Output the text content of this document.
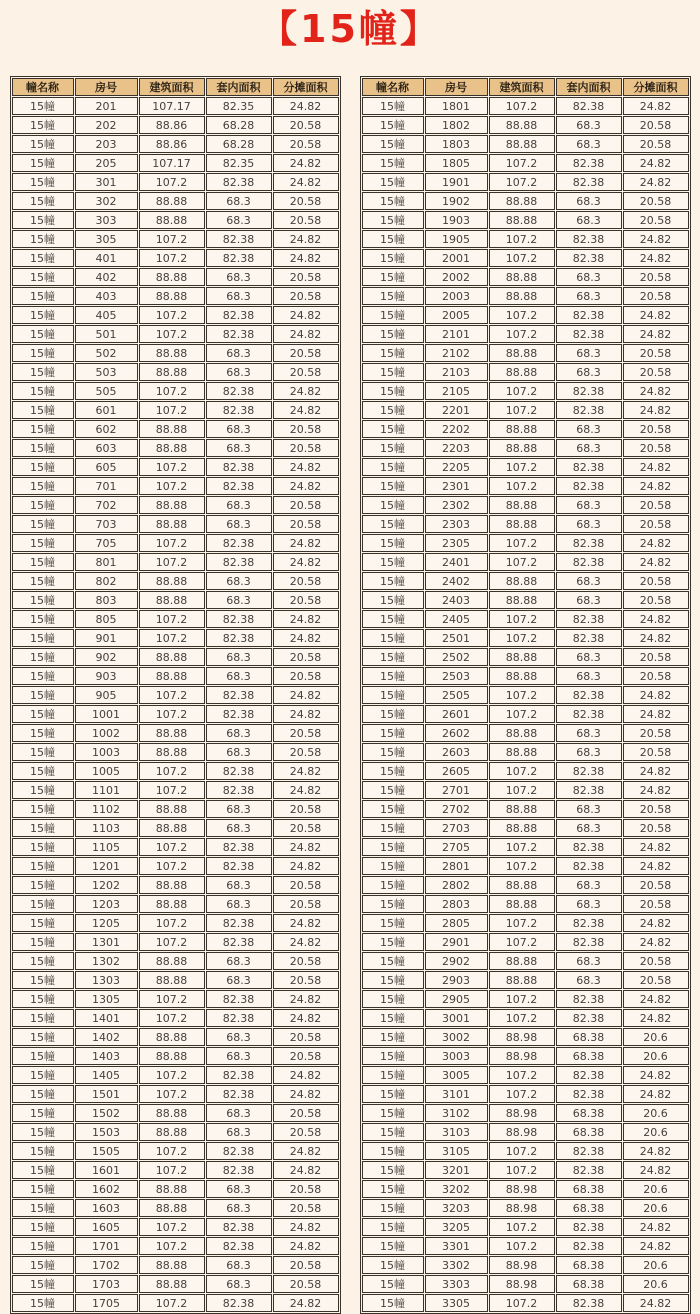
【15幢】
幢名称	房号	建筑面积	套内面积	分摊面积
15幢	201	107.17	82.35	24.82
15幢	202	88.86	68.28	20.58
15幢	203	88.86	68.28	20.58
15幢	205	107.17	82.35	24.82
15幢	301	107.2	82.38	24.82
15幢	302	88.88	68.3	20.58
15幢	303	88.88	68.3	20.58
15幢	305	107.2	82.38	24.82
15幢	401	107.2	82.38	24.82
15幢	402	88.88	68.3	20.58
15幢	403	88.88	68.3	20.58
15幢	405	107.2	82.38	24.82
15幢	501	107.2	82.38	24.82
15幢	502	88.88	68.3	20.58
15幢	503	88.88	68.3	20.58
15幢	505	107.2	82.38	24.82
15幢	601	107.2	82.38	24.82
15幢	602	88.88	68.3	20.58
15幢	603	88.88	68.3	20.58
15幢	605	107.2	82.38	24.82
15幢	701	107.2	82.38	24.82
15幢	702	88.88	68.3	20.58
15幢	703	88.88	68.3	20.58
15幢	705	107.2	82.38	24.82
15幢	801	107.2	82.38	24.82
15幢	802	88.88	68.3	20.58
15幢	803	88.88	68.3	20.58
15幢	805	107.2	82.38	24.82
15幢	901	107.2	82.38	24.82
15幢	902	88.88	68.3	20.58
15幢	903	88.88	68.3	20.58
15幢	905	107.2	82.38	24.82
15幢	1001	107.2	82.38	24.82
15幢	1002	88.88	68.3	20.58
15幢	1003	88.88	68.3	20.58
15幢	1005	107.2	82.38	24.82
15幢	1101	107.2	82.38	24.82
15幢	1102	88.88	68.3	20.58
15幢	1103	88.88	68.3	20.58
15幢	1105	107.2	82.38	24.82
15幢	1201	107.2	82.38	24.82
15幢	1202	88.88	68.3	20.58
15幢	1203	88.88	68.3	20.58
15幢	1205	107.2	82.38	24.82
15幢	1301	107.2	82.38	24.82
15幢	1302	88.88	68.3	20.58
15幢	1303	88.88	68.3	20.58
15幢	1305	107.2	82.38	24.82
15幢	1401	107.2	82.38	24.82
15幢	1402	88.88	68.3	20.58
15幢	1403	88.88	68.3	20.58
15幢	1405	107.2	82.38	24.82
15幢	1501	107.2	82.38	24.82
15幢	1502	88.88	68.3	20.58
15幢	1503	88.88	68.3	20.58
15幢	1505	107.2	82.38	24.82
15幢	1601	107.2	82.38	24.82
15幢	1602	88.88	68.3	20.58
15幢	1603	88.88	68.3	20.58
15幢	1605	107.2	82.38	24.82
15幢	1701	107.2	82.38	24.82
15幢	1702	88.88	68.3	20.58
15幢	1703	88.88	68.3	20.58
15幢	1705	107.2	82.38	24.82
幢名称	房号	建筑面积	套内面积	分摊面积
15幢	1801	107.2	82.38	24.82
15幢	1802	88.88	68.3	20.58
15幢	1803	88.88	68.3	20.58
15幢	1805	107.2	82.38	24.82
15幢	1901	107.2	82.38	24.82
15幢	1902	88.88	68.3	20.58
15幢	1903	88.88	68.3	20.58
15幢	1905	107.2	82.38	24.82
15幢	2001	107.2	82.38	24.82
15幢	2002	88.88	68.3	20.58
15幢	2003	88.88	68.3	20.58
15幢	2005	107.2	82.38	24.82
15幢	2101	107.2	82.38	24.82
15幢	2102	88.88	68.3	20.58
15幢	2103	88.88	68.3	20.58
15幢	2105	107.2	82.38	24.82
15幢	2201	107.2	82.38	24.82
15幢	2202	88.88	68.3	20.58
15幢	2203	88.88	68.3	20.58
15幢	2205	107.2	82.38	24.82
15幢	2301	107.2	82.38	24.82
15幢	2302	88.88	68.3	20.58
15幢	2303	88.88	68.3	20.58
15幢	2305	107.2	82.38	24.82
15幢	2401	107.2	82.38	24.82
15幢	2402	88.88	68.3	20.58
15幢	2403	88.88	68.3	20.58
15幢	2405	107.2	82.38	24.82
15幢	2501	107.2	82.38	24.82
15幢	2502	88.88	68.3	20.58
15幢	2503	88.88	68.3	20.58
15幢	2505	107.2	82.38	24.82
15幢	2601	107.2	82.38	24.82
15幢	2602	88.88	68.3	20.58
15幢	2603	88.88	68.3	20.58
15幢	2605	107.2	82.38	24.82
15幢	2701	107.2	82.38	24.82
15幢	2702	88.88	68.3	20.58
15幢	2703	88.88	68.3	20.58
15幢	2705	107.2	82.38	24.82
15幢	2801	107.2	82.38	24.82
15幢	2802	88.88	68.3	20.58
15幢	2803	88.88	68.3	20.58
15幢	2805	107.2	82.38	24.82
15幢	2901	107.2	82.38	24.82
15幢	2902	88.88	68.3	20.58
15幢	2903	88.88	68.3	20.58
15幢	2905	107.2	82.38	24.82
15幢	3001	107.2	82.38	24.82
15幢	3002	88.98	68.38	20.6
15幢	3003	88.98	68.38	20.6
15幢	3005	107.2	82.38	24.82
15幢	3101	107.2	82.38	24.82
15幢	3102	88.98	68.38	20.6
15幢	3103	88.98	68.38	20.6
15幢	3105	107.2	82.38	24.82
15幢	3201	107.2	82.38	24.82
15幢	3202	88.98	68.38	20.6
15幢	3203	88.98	68.38	20.6
15幢	3205	107.2	82.38	24.82
15幢	3301	107.2	82.38	24.82
15幢	3302	88.98	68.38	20.6
15幢	3303	88.98	68.38	20.6
15幢	3305	107.2	82.38	24.82
